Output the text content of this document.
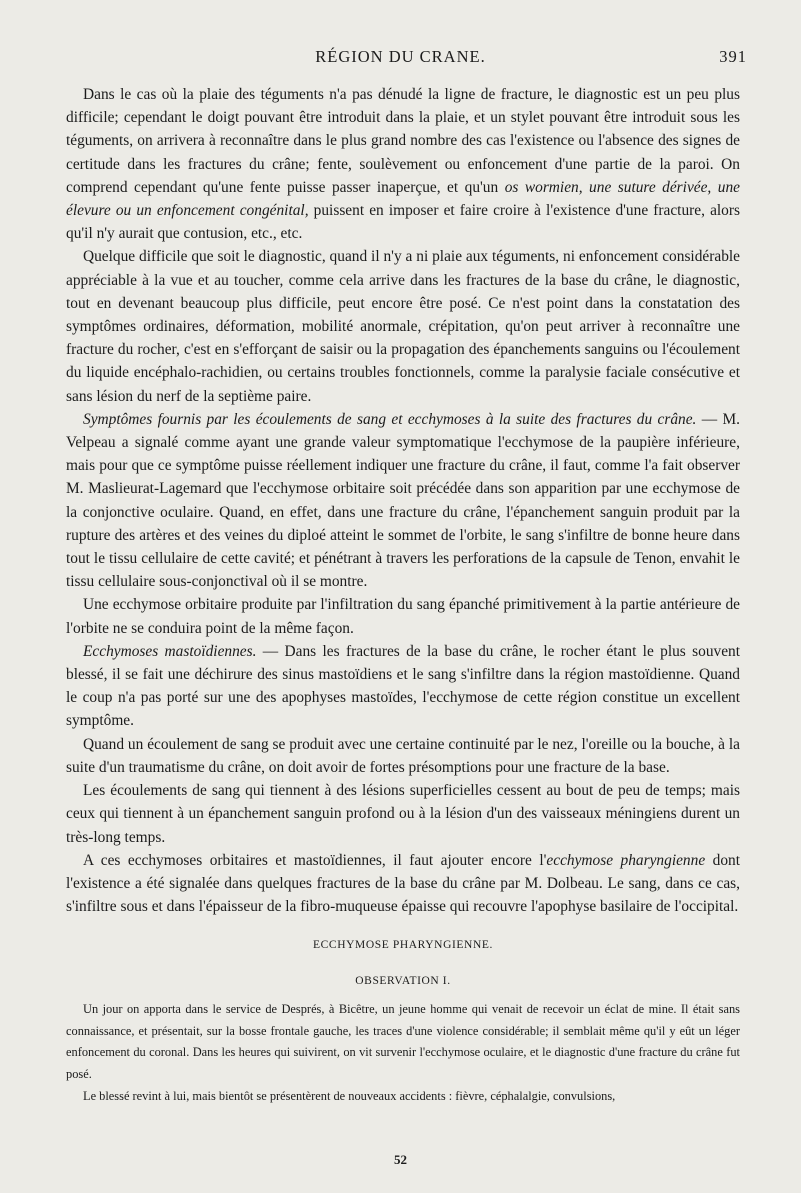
RÉGION DU CRANE.	391

Dans le cas où la plaie des téguments n'a pas dénudé la ligne de fracture, le diagnostic est un peu plus difficile; cependant le doigt pouvant être introduit dans la plaie, et un stylet pouvant être introduit sous les téguments, on arrivera à reconnaître dans le plus grand nombre des cas l'existence ou l'absence des signes de certitude dans les fractures du crâne; fente, soulèvement ou enfoncement d'une partie de la paroi. On comprend cependant qu'une fente puisse passer inaperçue, et qu'un os wormien, une suture dérivée, une élevure ou un enfoncement congénital, puissent en imposer et faire croire à l'existence d'une fracture, alors qu'il n'y aurait que contusion, etc., etc.

Quelque difficile que soit le diagnostic, quand il n'y a ni plaie aux téguments, ni enfoncement considérable appréciable à la vue et au toucher, comme cela arrive dans les fractures de la base du crâne, le diagnostic, tout en devenant beaucoup plus difficile, peut encore être posé. Ce n'est point dans la constatation des symptômes ordinaires, déformation, mobilité anormale, crépitation, qu'on peut arriver à reconnaître une fracture du rocher, c'est en s'efforçant de saisir ou la propagation des épanchements sanguins ou l'écoulement du liquide encéphalo-rachidien, ou certains troubles fonctionnels, comme la paralysie faciale consécutive et sans lésion du nerf de la septième paire.

Symptômes fournis par les écoulements de sang et ecchymoses à la suite des fractures du crâne. — M. Velpeau a signalé comme ayant une grande valeur symptomatique l'ecchymose de la paupière inférieure, mais pour que ce symptôme puisse réellement indiquer une fracture du crâne, il faut, comme l'a fait observer M. Maslieurat-Lagemard que l'ecchymose orbitaire soit précédée dans son apparition par une ecchymose de la conjonctive oculaire. Quand, en effet, dans une fracture du crâne, l'épanchement sanguin produit par la rupture des artères et des veines du diploé atteint le sommet de l'orbite, le sang s'infiltre de bonne heure dans tout le tissu cellulaire de cette cavité; et pénétrant à travers les perforations de la capsule de Tenon, envahit le tissu cellulaire sous-conjonctival où il se montre.

Une ecchymose orbitaire produite par l'infiltration du sang épanché primitivement à la partie antérieure de l'orbite ne se conduira point de la même façon.

Ecchymoses mastoïdiennes. — Dans les fractures de la base du crâne, le rocher étant le plus souvent blessé, il se fait une déchirure des sinus mastoïdiens et le sang s'infiltre dans la région mastoïdienne. Quand le coup n'a pas porté sur une des apophyses mastoïdes, l'ecchymose de cette région constitue un excellent symptôme.

Quand un écoulement de sang se produit avec une certaine continuité par le nez, l'oreille ou la bouche, à la suite d'un traumatisme du crâne, on doit avoir de fortes présomptions pour une fracture de la base.

Les écoulements de sang qui tiennent à des lésions superficielles cessent au bout de peu de temps; mais ceux qui tiennent à un épanchement sanguin profond ou à la lésion d'un des vaisseaux méningiens durent un très-long temps.

A ces ecchymoses orbitaires et mastoïdiennes, il faut ajouter encore l'ecchymose pharyngienne dont l'existence a été signalée dans quelques fractures de la base du crâne par M. Dolbeau. Le sang, dans ce cas, s'infiltre sous et dans l'épaisseur de la fibro-muqueuse épaisse qui recouvre l'apophyse basilaire de l'occipital.

ECCHYMOSE PHARYNGIENNE.

OBSERVATION I.

Un jour on apporta dans le service de Després, à Bicêtre, un jeune homme qui venait de recevoir un éclat de mine. Il était sans connaissance, et présentait, sur la bosse frontale gauche, les traces d'une violence considérable; il semblait même qu'il y eût un léger enfoncement du coronal. Dans les heures qui suivirent, on vit survenir l'ecchymose oculaire, et le diagnostic d'une fracture du crâne fut posé.

Le blessé revint à lui, mais bientôt se présentèrent de nouveaux accidents : fièvre, céphalalgie, convulsions,

52
